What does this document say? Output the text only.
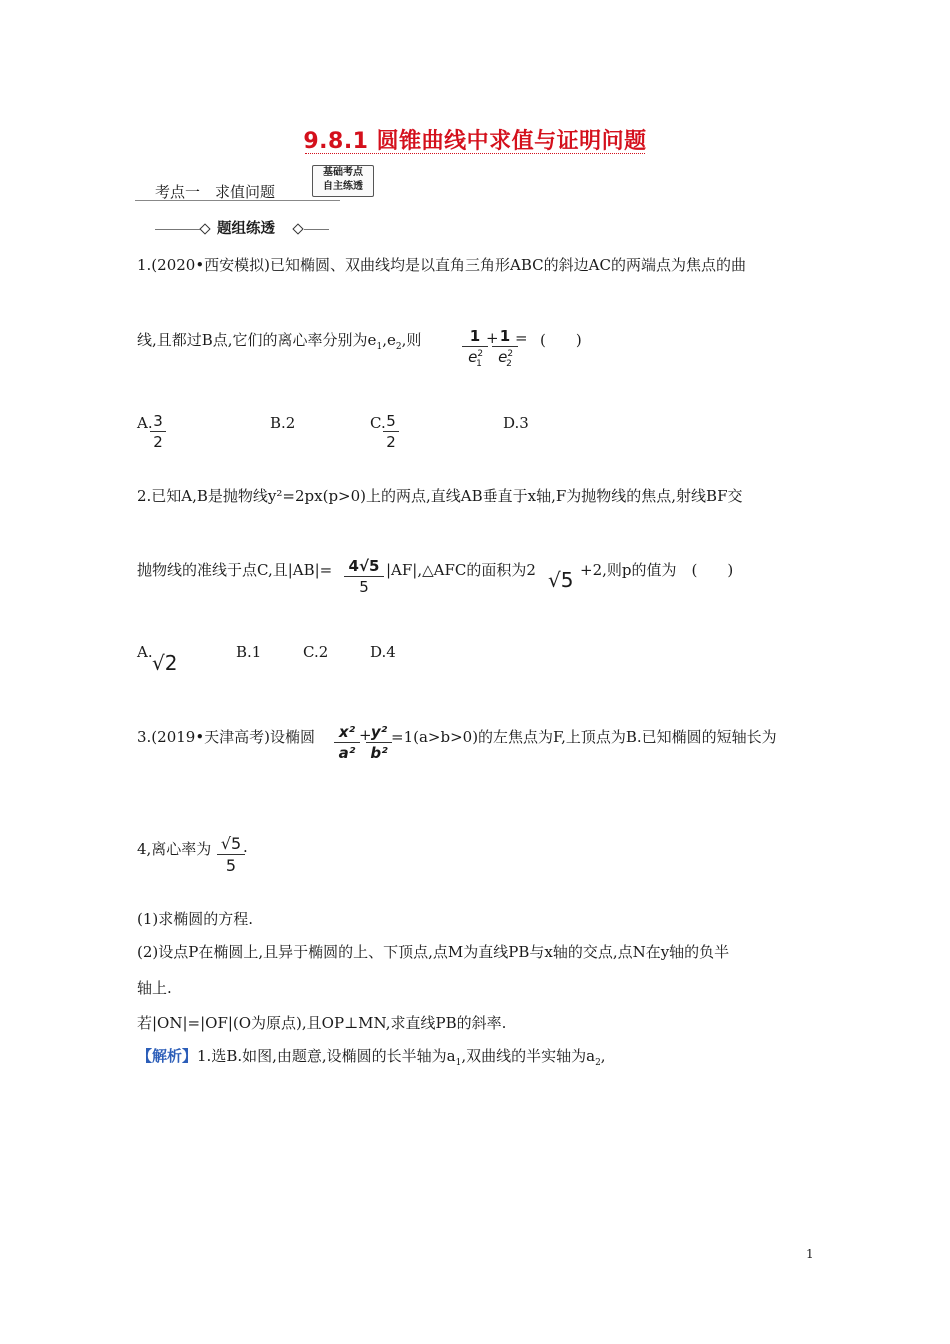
9.8.1 圆锥曲线中求值与证明问题
考点一　求值问题
基础考点
自主练透
题组练透
1.(2020•西安模拟)已知椭圆、双曲线均是以直角三角形ABC的斜边AC的两端点为焦点的曲
线,且都过B点,它们的离心率分别为$e_1,e_2$,则	1
$e^2_1$
+ 1
$e^2_2$
= (　　)
A. 3
2
B.2	C. 5
2
D.3
2.已知A,B是抛物线y²=2px(p>0)上的两点,直线AB垂直于x轴,F为抛物线的焦点,射线BF交
抛物线的准线于点C,且|AB|=	4√5
5
|AF|,△AFC的面积为2 √5 +2,则p的值为　(　　)
A. √2	B.1	C.2	D.4
3.(2019•天津高考)设椭圆	x²
a²
+ y²
b²
=1(a>b>0)的左焦点为F,上顶点为B.已知椭圆的短轴长为
4,离心率为 √5
5
.
(1)求椭圆的方程.
(2)设点P在椭圆上,且异于椭圆的上、下顶点,点M为直线PB与x轴的交点,点N在y轴的负半
轴上.
若|ON|=|OF|(O为原点),且OP⊥MN,求直线PB的斜率.
【解析】1.选B.如图,由题意,设椭圆的长半轴为$a_1$,双曲线的半实轴为$a_2$,
1
